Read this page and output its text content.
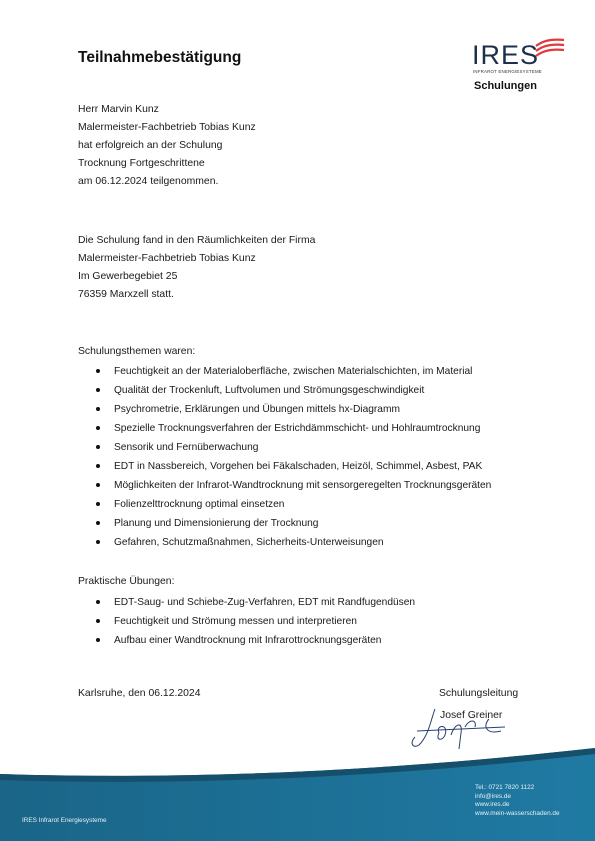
Teilnahmebestätigung	IRES
INFRAROT ENERGIESYSTEME
Schulungen
Herr Marvin Kunz
Malermeister-Fachbetrieb Tobias Kunz
hat erfolgreich an der Schulung
Trocknung Fortgeschrittene
am 06.12.2024 teilgenommen.
Die Schulung fand in den Räumlichkeiten der Firma
Malermeister-Fachbetrieb Tobias Kunz
Im Gewerbegebiet 25
76359 Marxzell statt.
Schulungsthemen waren:
Feuchtigkeit an der Materialoberfläche, zwischen Materialschichten, im Material
Qualität der Trockenluft, Luftvolumen und Strömungsgeschwindigkeit
Psychrometrie, Erklärungen und Übungen mittels hx-Diagramm
Spezielle Trocknungsverfahren der Estrichdämmschicht- und Hohlraumtrocknung
Sensorik und Fernüberwachung
EDT in Nassbereich, Vorgehen bei Fäkalschaden, Heizöl, Schimmel, Asbest, PAK
Möglichkeiten der Infrarot-Wandtrocknung mit sensorgeregelten Trocknungsgeräten
Folienzelttrocknung optimal einsetzen
Planung und Dimensionierung der Trocknung
Gefahren, Schutzmaßnahmen, Sicherheits-Unterweisungen
Praktische Übungen:
EDT-Saug- und Schiebe-Zug-Verfahren, EDT mit Randfugendüsen
Feuchtigkeit und Strömung messen und interpretieren
Aufbau einer Wandtrocknung mit Infrarottrocknungsgeräten
Karlsruhe, den 06.12.2024	Schulungsleitung
Josef Greiner
Tel.: 0721 7820 1122
info@ires.de
www.ires.de
www.mein-wasserschaden.de
IRES Infrarot Energiesysteme
